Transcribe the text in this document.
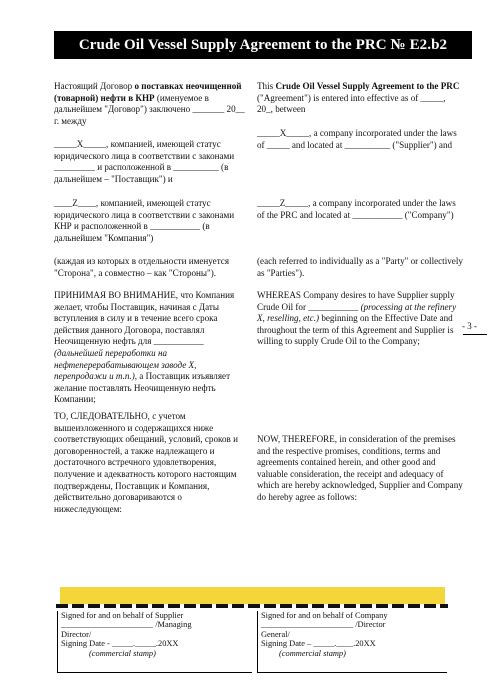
Crude Oil Vessel Supply Agreement to the PRC № E2.b2

Настоящий Договор о поставках неочищенной (товарной) нефти в КНР (именуемое в дальнейшем "Договор") заключено _______ 20__ г. между

_____X_____, компанией, имеющей статус юридического лица в соответствии с законами _________ и расположенной в __________ (в дальнейшем – "Поставщик") и

____Z____, компанией, имеющей статус юридического лица в соответствии с законами КНР и расположенной в ___________ (в дальнейшем "Компания")

(каждая из которых в отдельности именуется "Сторона", а совместно – как "Стороны").

ПРИНИМАЯ ВО ВНИМАНИЕ, что Компания желает, чтобы Поставщик, начиная с Даты вступления в силу и в течение всего срока действия данного Договора, поставлял Неочищенную нефть для ___________ (дальнейшей переработки на нефтеперерабатывающем заводе X, перепродажи и т.п.), а Поставщик изъявляет желание поставлять Неочищенную нефть Компании;

ТО, СЛЕДОВАТЕЛЬНО, с учетом вышеизложенного и содержащихся ниже соответствующих обещаний, условий, сроков и договоренностей, а также надлежащего и достаточного встречного удовлетворения, получение и адекватность которого настоящим подтверждены, Поставщик и Компания, действительно договариваются о нижеследующем:

This Crude Oil Vessel Supply Agreement to the PRC ("Agreement") is entered into effective as of _____, 20_, between

_____X_____, a company incorporated under the laws of _____ and located at __________ ("Supplier") and

_____Z_____, a company incorporated under the laws of the PRC and located at ___________ ("Company")

(each referred to individually as a "Party" or collectively as "Parties").

WHEREAS Company desires to have Supplier supply Crude Oil for ___________ (processing at the refinery X, reselling, etc.) beginning on the Effective Date and throughout the term of this Agreement and Supplier is willing to supply Crude Oil to the Company;

NOW, THEREFORE, in consideration of the premises and the respective promises, conditions, terms and agreements contained herein, and other good and valuable consideration, the receipt and adequacy of which are hereby acknowledged, Supplier and Company do hereby agree as follows:

- 3 -
Signed for and on behalf of Supplier
______________________ /Managing
Director/
Signing Date - _____._____.20XX
(commercial stamp)
Signed for and on behalf of Company
______________________ /Director
General/
Signing Date – _____.____.20XX
(commercial stamp)
